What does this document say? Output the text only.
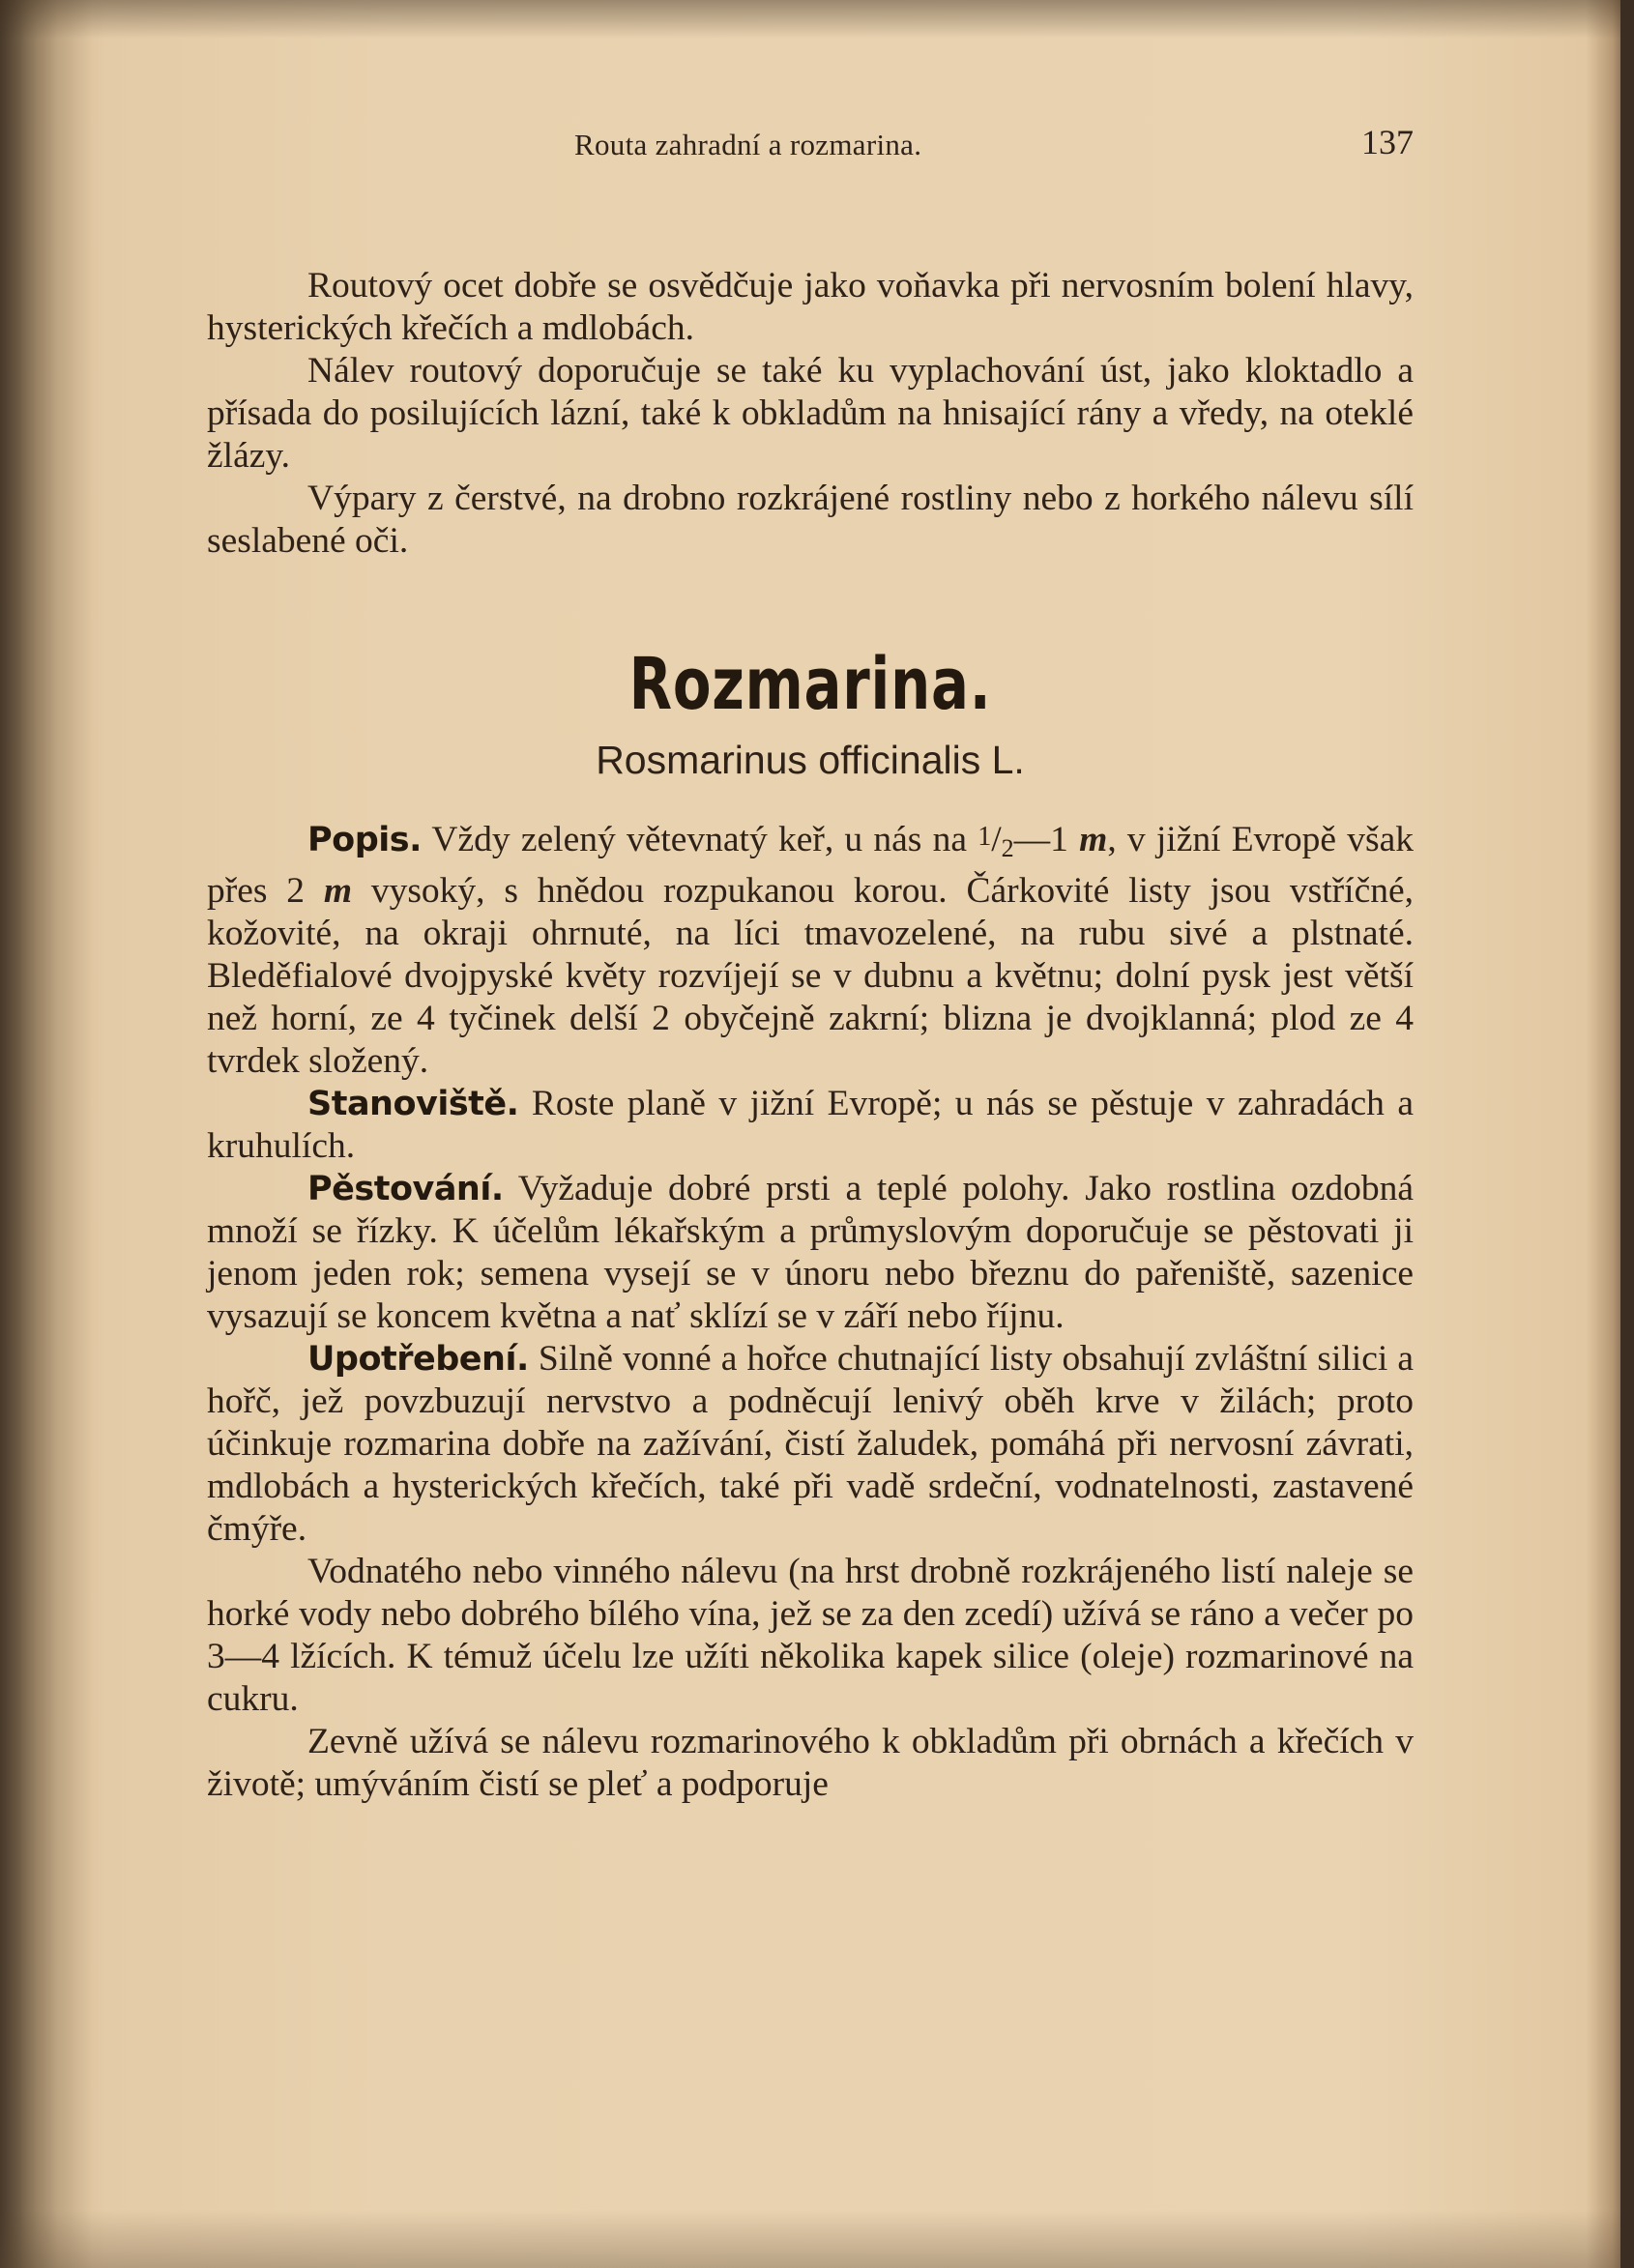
Routa zahradní a rozmarina.	137

Routový ocet dobře se osvědčuje jako voňavka při nervosním bolení hlavy, hysterických křečích a mdlobách.

Nálev routový doporučuje se také ku vyplachování úst, jako kloktadlo a přísada do posilujících lázní, také k obkladům na hnisající rány a vředy, na oteklé žlázy.

Výpary z čerstvé, na drobno rozkrájené rostliny nebo z horkého nálevu sílí seslabené oči.

Rozmarina.
Rosmarinus officinalis L.

Popis. Vždy zelený větevnatý keř, u nás na 1/2—1 m, v jižní Evropě však přes 2 m vysoký, s hnědou rozpukanou korou. Čárkovité listy jsou vstříčné, kožovité, na okraji ohrnuté, na líci tmavozelené, na rubu sivé a plstnaté. Bleděfialové dvojpyské květy rozvíjejí se v dubnu a květnu; dolní pysk jest větší než horní, ze 4 tyčinek delší 2 obyčejně zakrní; blizna je dvojklanná; plod ze 4 tvrdek složený.

Stanoviště. Roste planě v jižní Evropě; u nás se pěstuje v zahradách a kruhulích.

Pěstování. Vyžaduje dobré prsti a teplé polohy. Jako rostlina ozdobná množí se řízky. K účelům lékařským a průmyslovým doporučuje se pěstovati ji jenom jeden rok; semena vysejí se v únoru nebo březnu do pařeniště, sazenice vysazují se koncem května a nať sklízí se v září nebo říjnu.

Upotřebení. Silně vonné a hořce chutnající listy obsahují zvláštní silici a hořč, jež povzbuzují nervstvo a podněcují lenivý oběh krve v žilách; proto účinkuje rozmarina dobře na zažívání, čistí žaludek, pomáhá při nervosní závrati, mdlobách a hysterických křečích, také při vadě srdeční, vodnatelnosti, zastavené čmýře.

Vodnatého nebo vinného nálevu (na hrst drobně rozkrájeného listí naleje se horké vody nebo dobrého bílého vína, jež se za den zcedí) užívá se ráno a večer po 3—4 lžících. K témuž účelu lze užíti několika kapek silice (oleje) rozmarinové na cukru.

Zevně užívá se nálevu rozmarinového k obkladům při obrnách a křečích v životě; umýváním čistí se pleť a podporuje
